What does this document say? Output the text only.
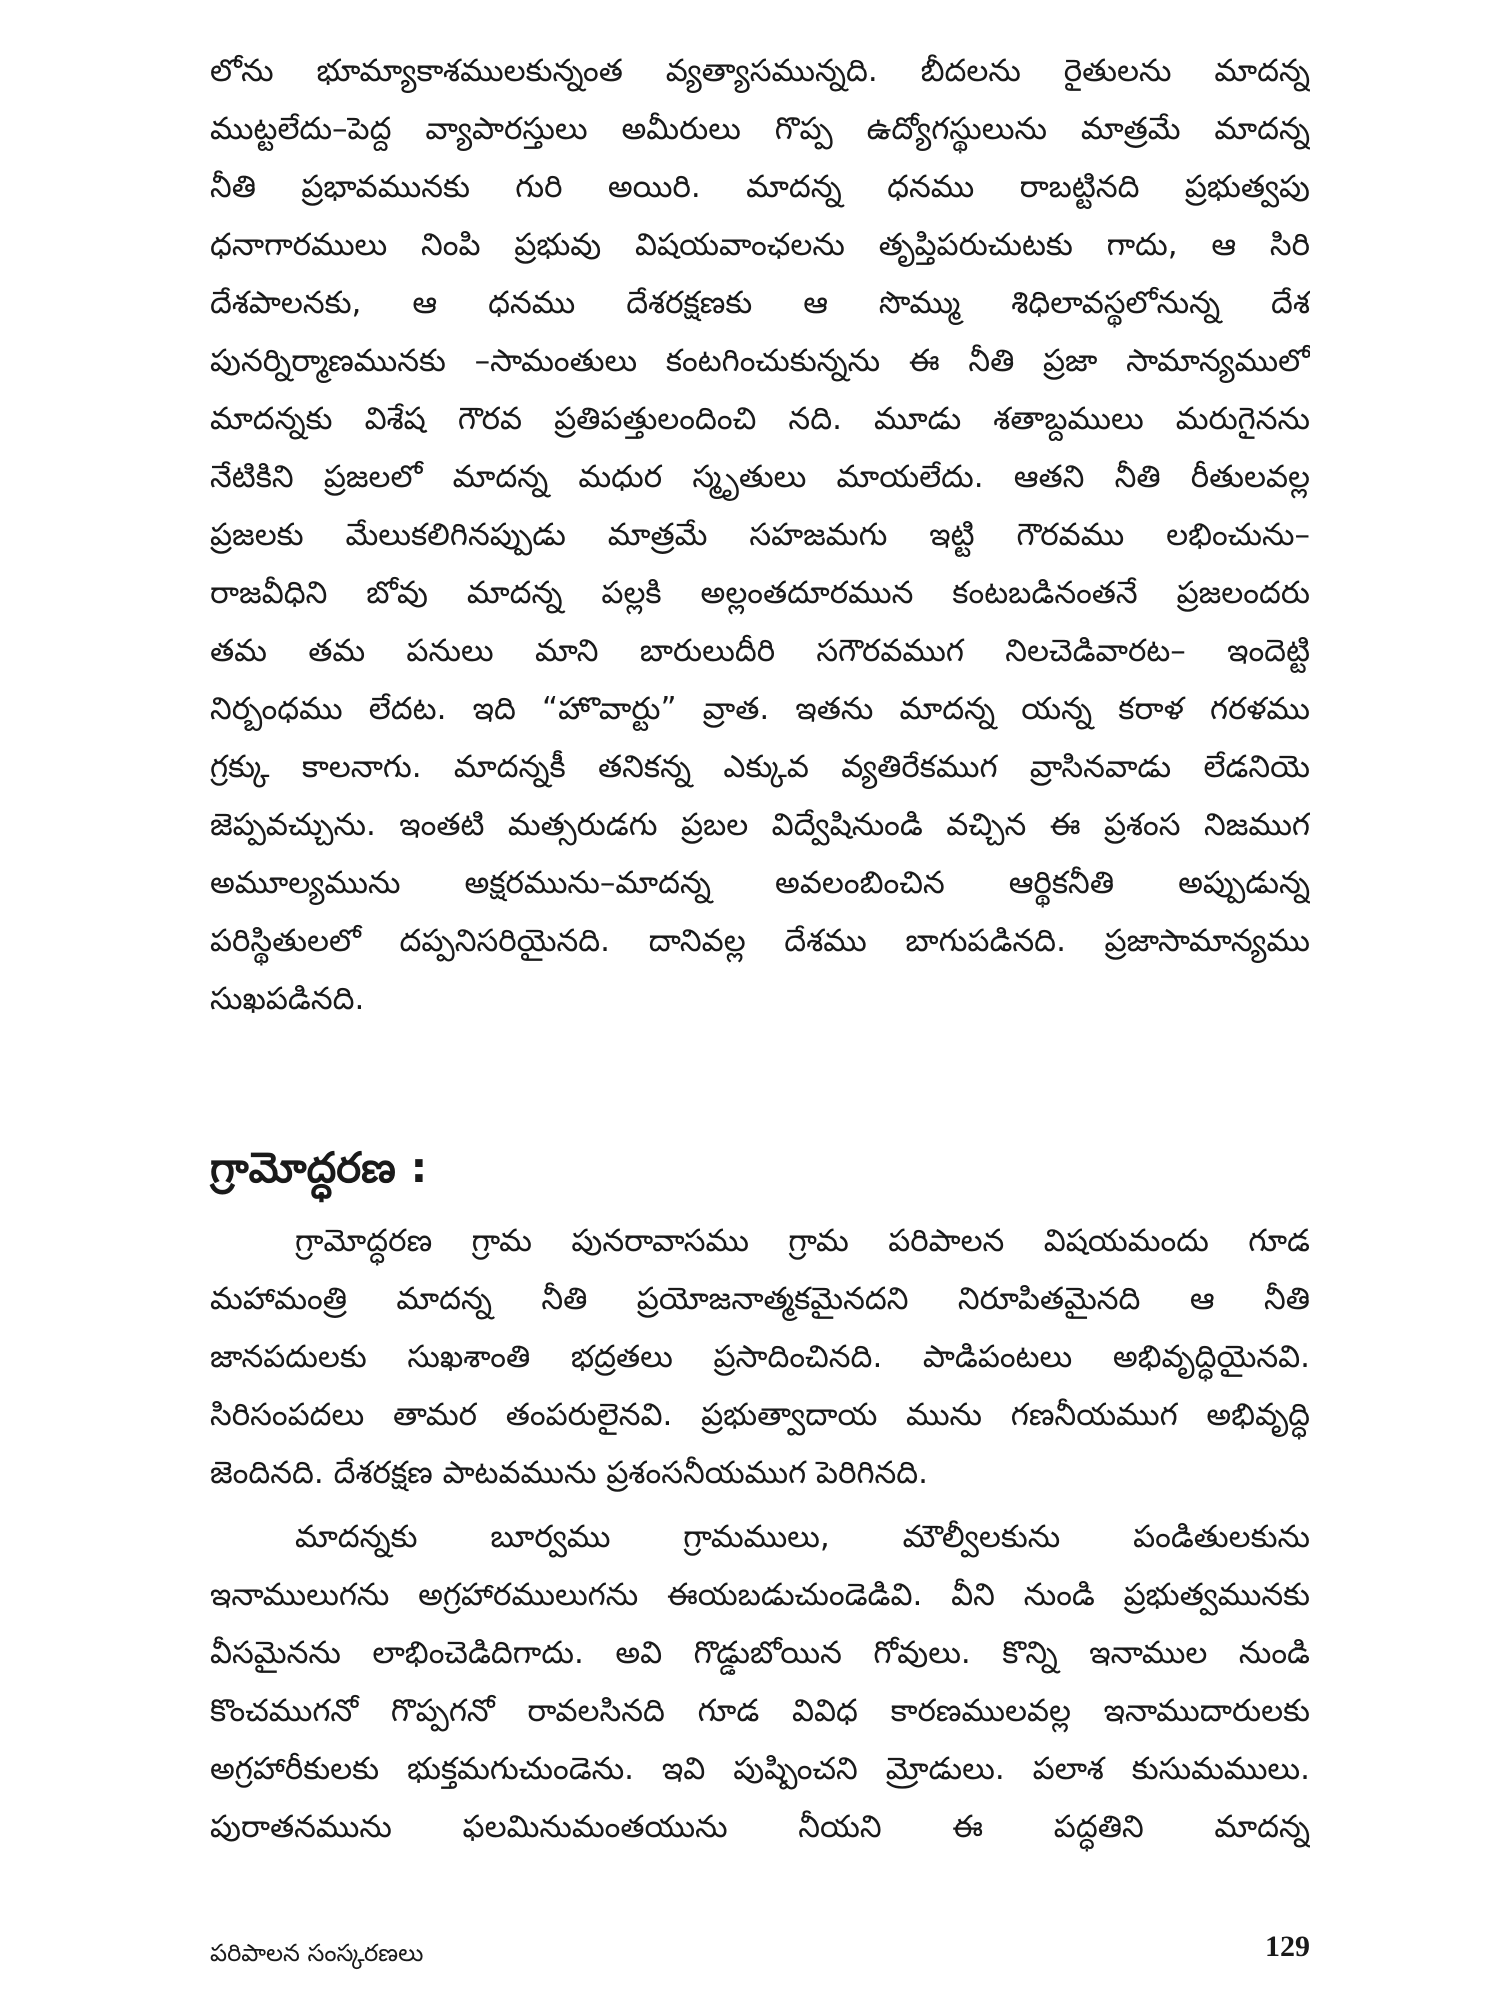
లోను భూమ్యాకాశములకున్నంత వ్యత్యాసమున్నది. బీదలను రైతులను మాదన్న

ముట్టలేదు–పెద్ద వ్యాపారస్తులు అమీరులు గొప్ప ఉద్యోగస్థులును మాత్రమే మాదన్న

నీతి ప్రభావమునకు గురి అయిరి. మాదన్న ధనము రాబట్టినది ప్రభుత్వపు

ధనాగారములు నింపి ప్రభువు విషయవాంఛలను తృప్తిపరుచుటకు గాదు, ఆ సిరి

దేశపాలనకు, ఆ ధనము దేశరక్షణకు ఆ సొమ్ము శిధిలావస్థలోనున్న దేశ

పునర్నిర్మాణమునకు –సామంతులు కంటగించుకున్నను ఈ నీతి ప్రజా సామాన్యములో

మాదన్నకు విశేష గౌరవ ప్రతిపత్తులందించి నది. మూడు శతాబ్దములు మరుగైనను

నేటికిని ప్రజలలో మాదన్న మధుర స్మృతులు మాయలేదు. ఆతని నీతి రీతులవల్ల

ప్రజలకు మేలుకలిగినప్పుడు మాత్రమే సహజమగు ఇట్టి గౌరవము లభించును–

రాజవీధిని బోవు మాదన్న పల్లకి అల్లంతదూరమున కంటబడినంతనే ప్రజలందరు

తమ తమ పనులు మాని బారులుదీరి సగౌరవముగ నిలచెడివారట– ఇందెట్టి

నిర్బంధము లేదట. ఇది “హొవార్టు” వ్రాత. ఇతను మాదన్న యన్న కరాళ గరళము

గ్రక్కు కాలనాగు. మాదన్నకీ తనికన్న ఎక్కువ వ్యతిరేకముగ వ్రాసినవాడు లేడనియె

జెప్పవచ్చును. ఇంతటి మత్సరుడగు ప్రబల విద్వేషినుండి వచ్చిన ఈ ప్రశంస నిజముగ

అమూల్యమును అక్షరమును–మాదన్న అవలంబించిన ఆర్థికనీతి అప్పుడున్న

పరిస్థితులలో దప్పనిసరియైనది. దానివల్ల దేశము బాగుపడినది. ప్రజాసామాన్యము

సుఖపడినది.

గ్రామోద్ధరణ :

గ్రామోద్ధరణ గ్రామ పునరావాసము గ్రామ పరిపాలన విషయమందు గూడ

మహామంత్రి మాదన్న నీతి ప్రయోజనాత్మకమైనదని నిరూపితమైనది ఆ నీతి

జానపదులకు సుఖశాంతి భద్రతలు ప్రసాదించినది. పాడిపంటలు అభివృద్ధియైనవి.

సిరిసంపదలు తామర తంపరులైనవి. ప్రభుత్వాదాయ మును గణనీయముగ అభివృద్ధి

జెందినది. దేశరక్షణ పాటవమును ప్రశంసనీయముగ పెరిగినది.

మాదన్నకు బూర్వము గ్రామములు, మౌల్వీలకును పండితులకును

ఇనాములుగను అగ్రహారములుగను ఈయబడుచుండెడివి. వీని నుండి ప్రభుత్వమునకు

వీసమైనను లాభించెడిదిగాదు. అవి గొడ్డుబోయిన గోవులు. కొన్ని ఇనాముల నుండి

కొంచముగనో గొప్పగనో రావలసినది గూడ వివిధ కారణములవల్ల ఇనాముదారులకు

అగ్రహారీకులకు భుక్తమగుచుండెను. ఇవి పుష్పించని మ్రోడులు. పలాశ కుసుమములు.

పురాతనమును ఫలమినుమంతయును నీయని ఈ పద్ధతిని మాదన్న

పరిపాలన సంస్కరణలు	129
